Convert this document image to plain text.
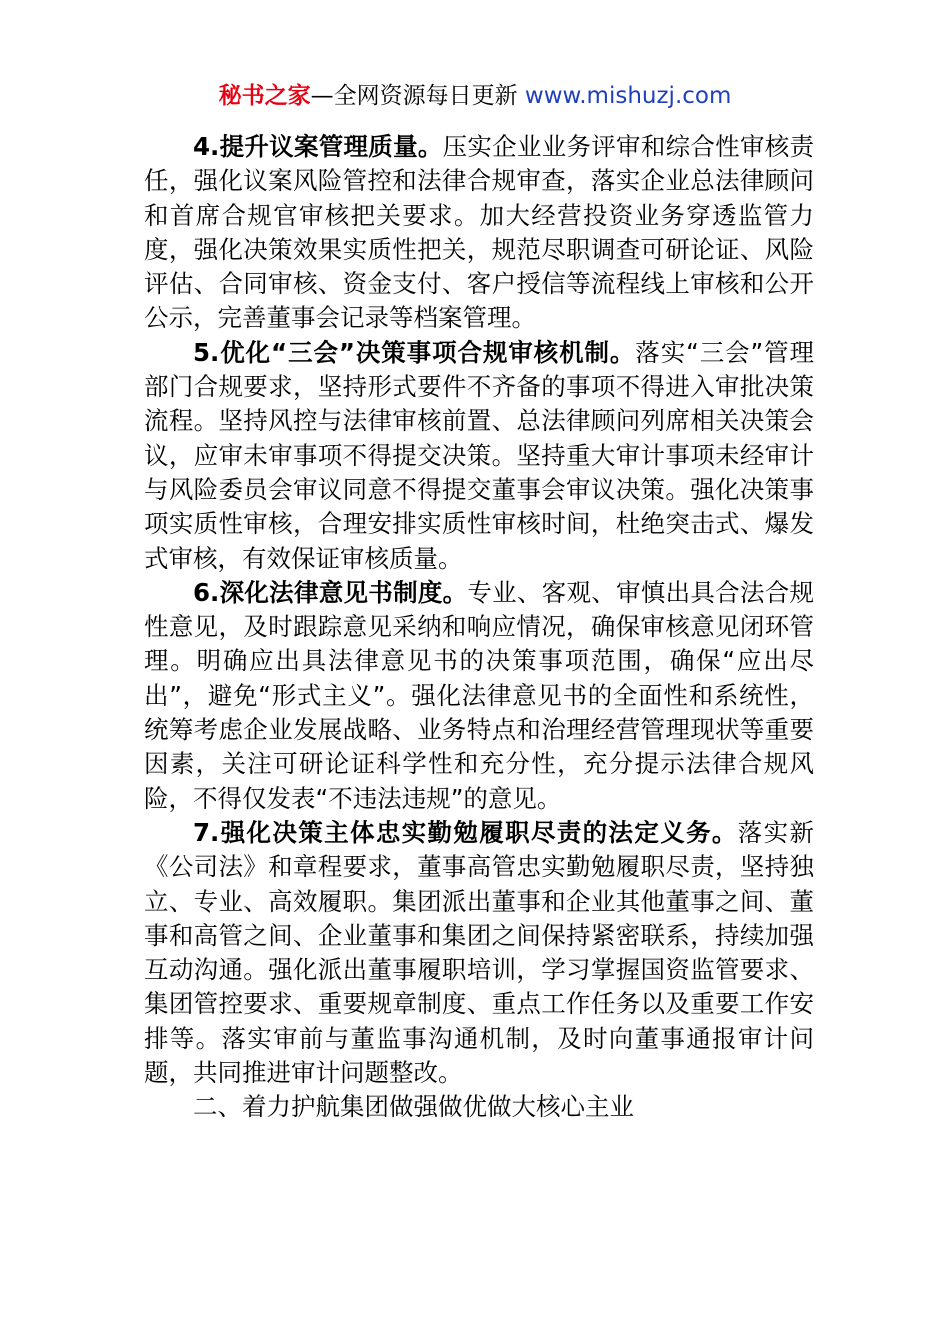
秘书之家—全网资源每日更新 www.mishuzj.com

4.提升议案管理质量。压实企业业务评审和综合性审核责任，强化议案风险管控和法律合规审查，落实企业总法律顾问和首席合规官审核把关要求。加大经营投资业务穿透监管力度，强化决策效果实质性把关，规范尽职调查可研论证、风险评估、合同审核、资金支付、客户授信等流程线上审核和公开公示，完善董事会记录等档案管理。

5.优化“三会”决策事项合规审核机制。落实“三会”管理部门合规要求，坚持形式要件不齐备的事项不得进入审批决策流程。坚持风控与法律审核前置、总法律顾问列席相关决策会议，应审未审事项不得提交决策。坚持重大审计事项未经审计与风险委员会审议同意不得提交董事会审议决策。强化决策事项实质性审核，合理安排实质性审核时间，杜绝突击式、爆发式审核，有效保证审核质量。

6.深化法律意见书制度。专业、客观、审慎出具合法合规性意见，及时跟踪意见采纳和响应情况，确保审核意见闭环管理。明确应出具法律意见书的决策事项范围，确保“应出尽出”，避免“形式主义”。强化法律意见书的全面性和系统性，统筹考虑企业发展战略、业务特点和治理经营管理现状等重要因素，关注可研论证科学性和充分性，充分提示法律合规风险，不得仅发表“不违法违规”的意见。

7.强化决策主体忠实勤勉履职尽责的法定义务。落实新《公司法》和章程要求，董事高管忠实勤勉履职尽责，坚持独立、专业、高效履职。集团派出董事和企业其他董事之间、董事和高管之间、企业董事和集团之间保持紧密联系，持续加强互动沟通。强化派出董事履职培训，学习掌握国资监管要求、集团管控要求、重要规章制度、重点工作任务以及重要工作安排等。落实审前与董监事沟通机制，及时向董事通报审计问题，共同推进审计问题整改。

二、着力护航集团做强做优做大核心主业
